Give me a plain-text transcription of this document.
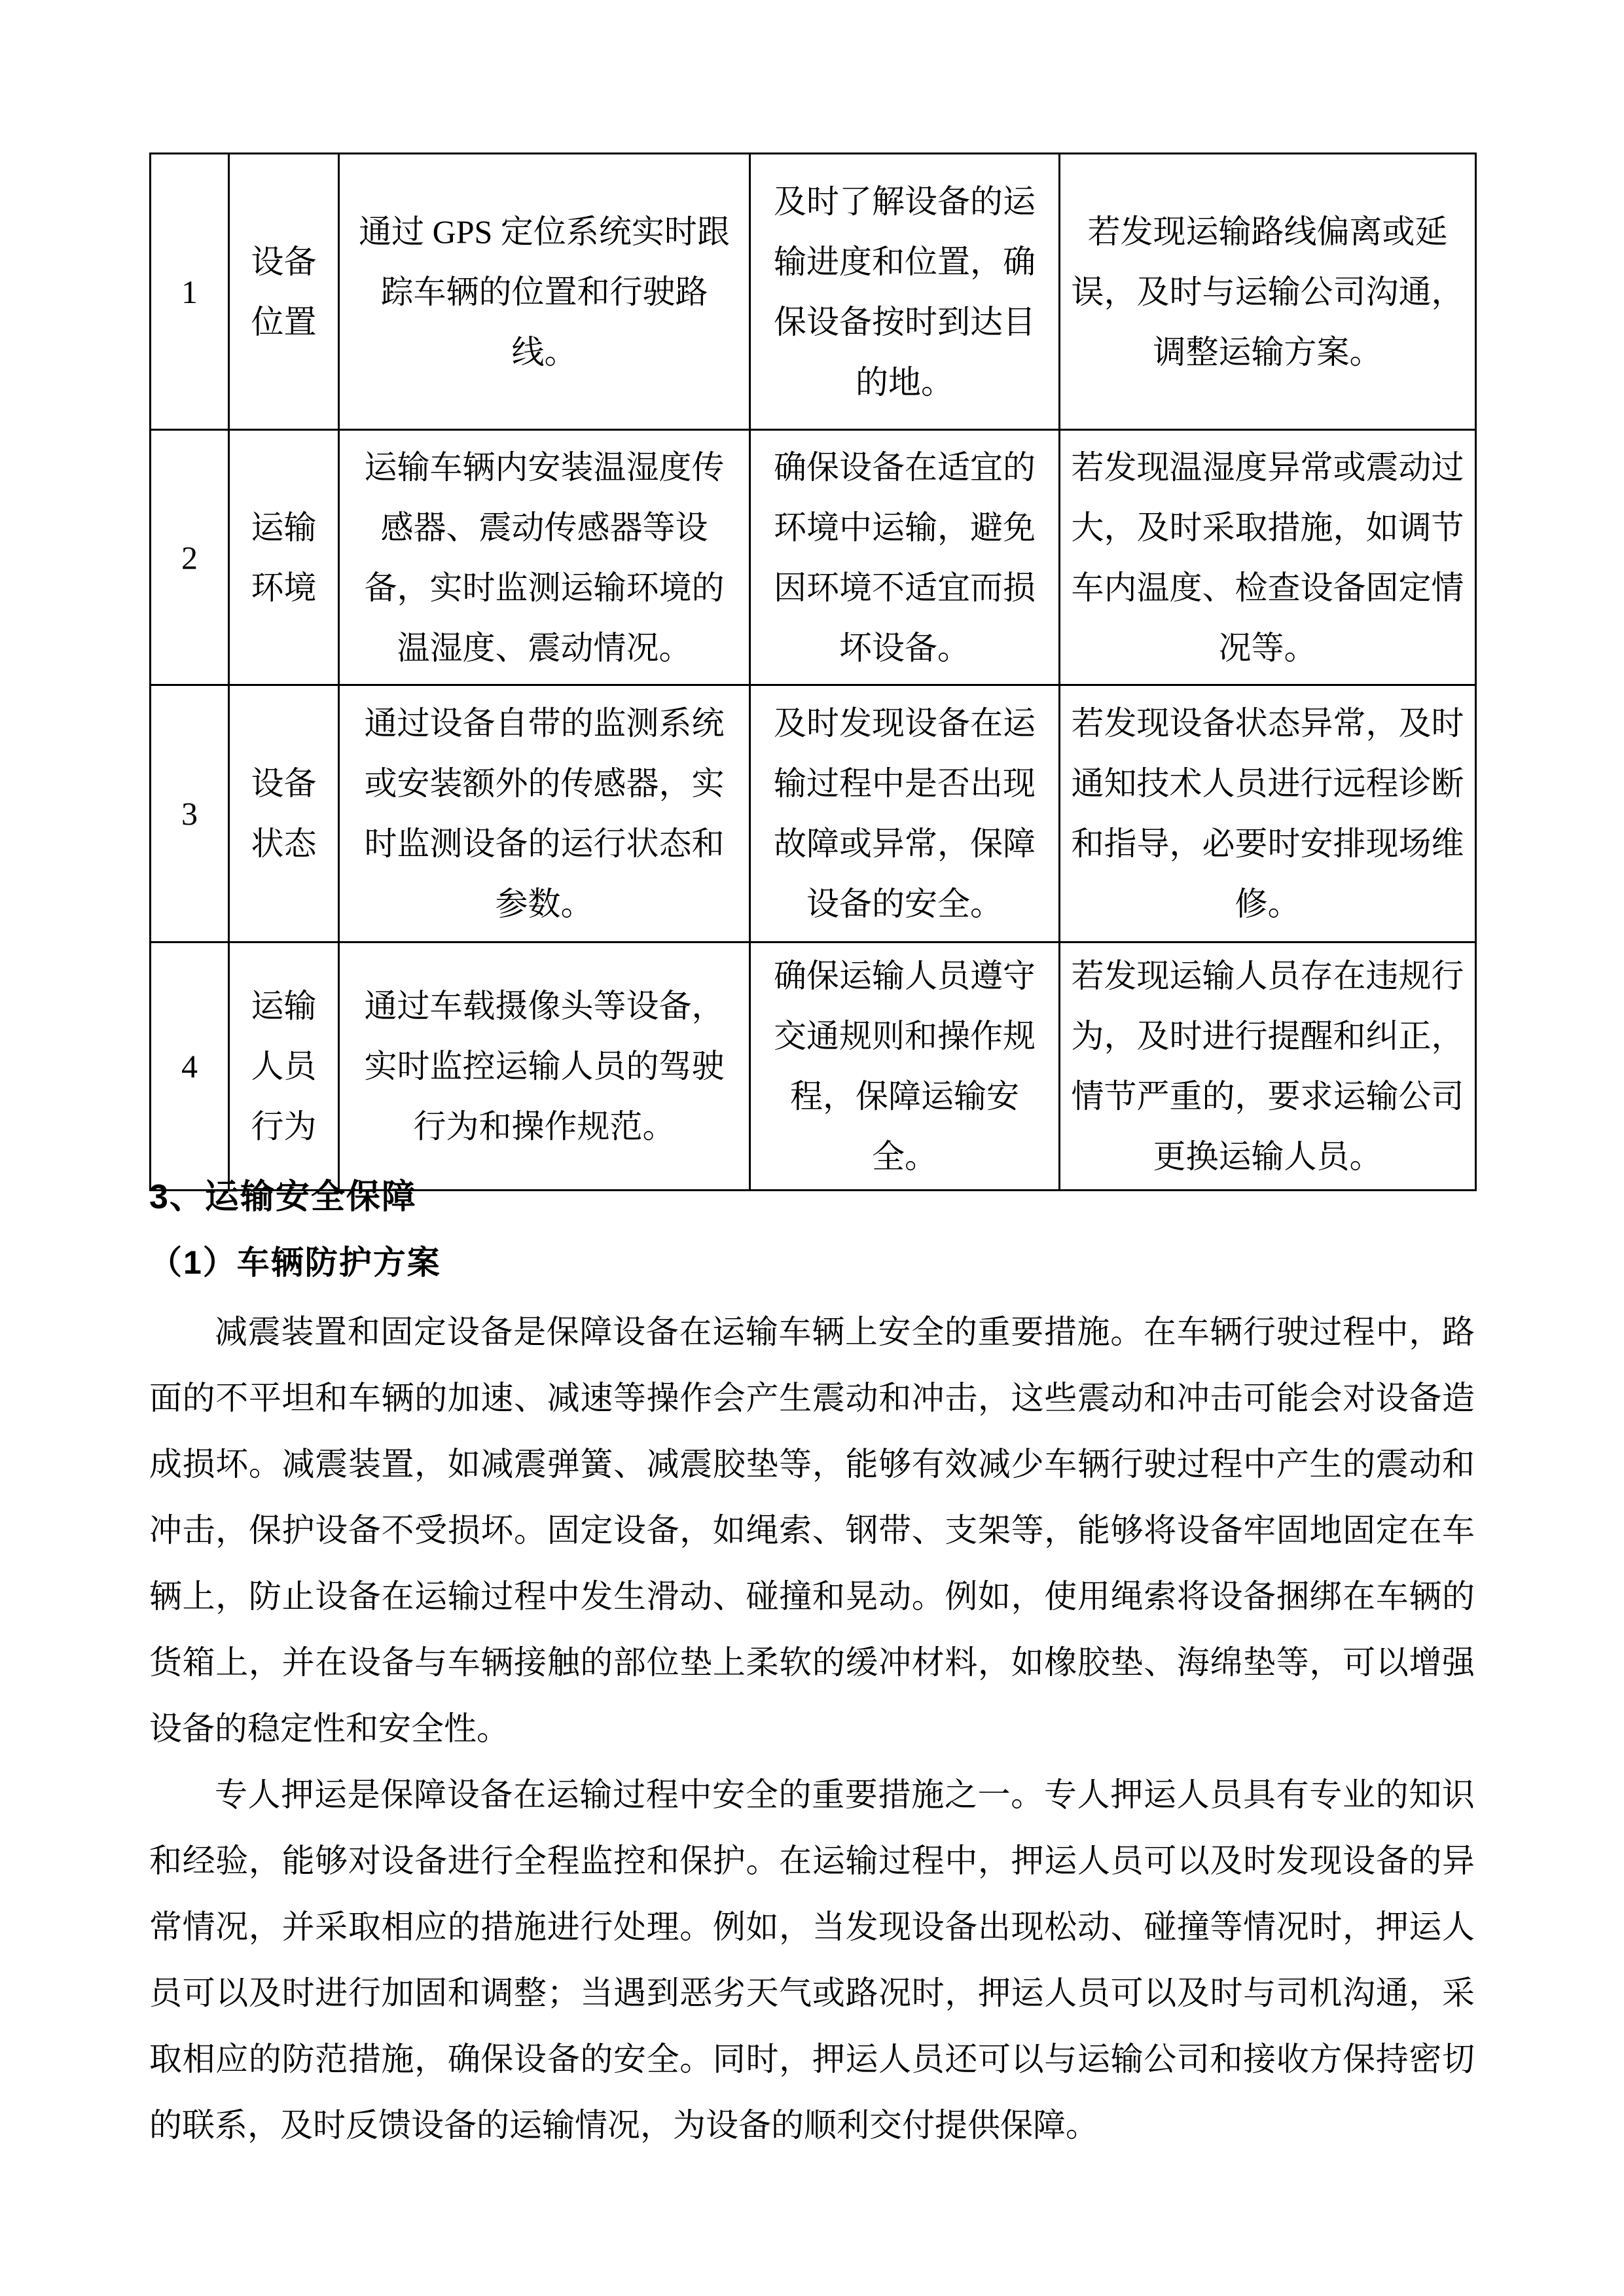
1	设备位置	通过 GPS 定位系统实时跟踪车辆的位置和行驶路线。	及时了解设备的运输进度和位置，确保设备按时到达目的地。	若发现运输路线偏离或延误，及时与运输公司沟通，调整运输方案。
2	运输环境	运输车辆内安装温湿度传感器、震动传感器等设备，实时监测运输环境的温湿度、震动情况。	确保设备在适宜的环境中运输，避免因环境不适宜而损坏设备。	若发现温湿度异常或震动过大，及时采取措施，如调节车内温度、检查设备固定情况等。
3	设备状态	通过设备自带的监测系统或安装额外的传感器，实时监测设备的运行状态和参数。	及时发现设备在运输过程中是否出现故障或异常，保障设备的安全。	若发现设备状态异常，及时通知技术人员进行远程诊断和指导，必要时安排现场维修。
4	运输人员行为	通过车载摄像头等设备，实时监控运输人员的驾驶行为和操作规范。	确保运输人员遵守交通规则和操作规程，保障运输安全。	若发现运输人员存在违规行为，及时进行提醒和纠正，情节严重的，要求运输公司更换运输人员。
3、运输安全保障
（1）车辆防护方案

减震装置和固定设备是保障设备在运输车辆上安全的重要措施。在车辆行驶过程中，路面的不平坦和车辆的加速、减速等操作会产生震动和冲击，这些震动和冲击可能会对设备造成损坏。减震装置，如减震弹簧、减震胶垫等，能够有效减少车辆行驶过程中产生的震动和冲击，保护设备不受损坏。固定设备，如绳索、钢带、支架等，能够将设备牢固地固定在车辆上，防止设备在运输过程中发生滑动、碰撞和晃动。例如，使用绳索将设备捆绑在车辆的货箱上，并在设备与车辆接触的部位垫上柔软的缓冲材料，如橡胶垫、海绵垫等，可以增强设备的稳定性和安全性。

专人押运是保障设备在运输过程中安全的重要措施之一。专人押运人员具有专业的知识和经验，能够对设备进行全程监控和保护。在运输过程中，押运人员可以及时发现设备的异常情况，并采取相应的措施进行处理。例如，当发现设备出现松动、碰撞等情况时，押运人员可以及时进行加固和调整；当遇到恶劣天气或路况时，押运人员可以及时与司机沟通，采取相应的防范措施，确保设备的安全。同时，押运人员还可以与运输公司和接收方保持密切的联系，及时反馈设备的运输情况，为设备的顺利交付提供保障。
